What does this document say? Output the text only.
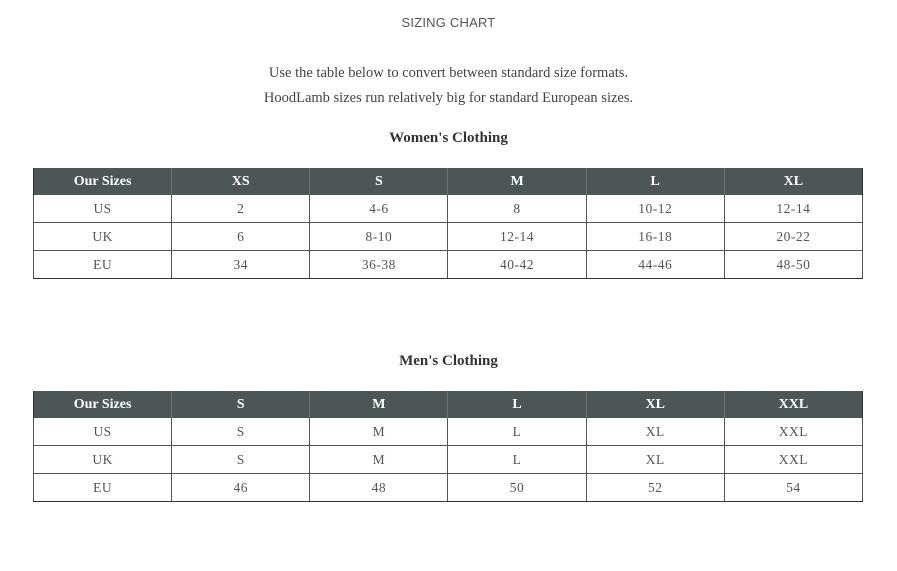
SIZING CHART
Use the table below to convert between standard size formats.
HoodLamb sizes run relatively big for standard European sizes.
Women's Clothing
Our Sizes	XS	S	M	L	XL
US	2	4-6	8	10-12	12-14
UK	6	8-10	12-14	16-18	20-22
EU	34	36-38	40-42	44-46	48-50
Men's Clothing
Our Sizes	S	M	L	XL	XXL
US	S	M	L	XL	XXL
UK	S	M	L	XL	XXL
EU	46	48	50	52	54
